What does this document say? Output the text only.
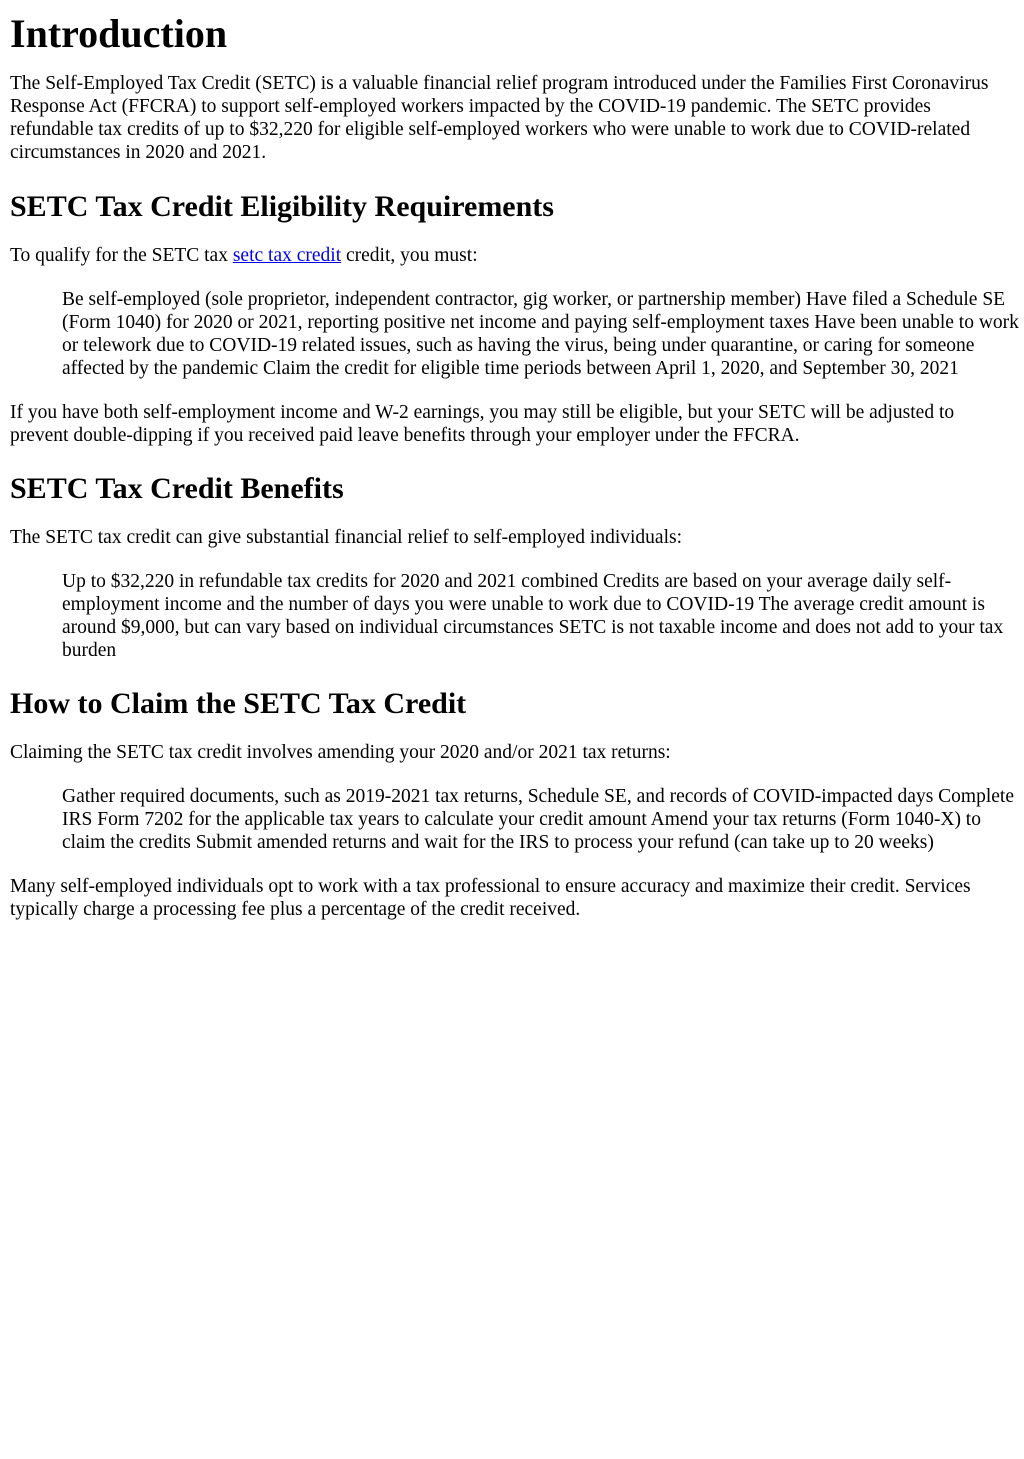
Introduction

The Self-Employed Tax Credit (SETC) is a valuable financial relief program introduced under the Families First Coronavirus Response Act (FFCRA) to support self-employed workers impacted by the COVID-19 pandemic. The SETC provides refundable tax credits of up to $32,220 for eligible self-employed workers who were unable to work due to COVID-related circumstances in 2020 and 2021.

SETC Tax Credit Eligibility Requirements

To qualify for the SETC tax setc tax credit credit, you must:

Be self-employed (sole proprietor, independent contractor, gig worker, or partnership member) Have filed a Schedule SE (Form 1040) for 2020 or 2021, reporting positive net income and paying self-employment taxes Have been unable to work or telework due to COVID-19 related issues, such as having the virus, being under quarantine, or caring for someone affected by the pandemic Claim the credit for eligible time periods between April 1, 2020, and September 30, 2021

If you have both self-employment income and W-2 earnings, you may still be eligible, but your SETC will be adjusted to prevent double-dipping if you received paid leave benefits through your employer under the FFCRA.

SETC Tax Credit Benefits

The SETC tax credit can give substantial financial relief to self-employed individuals:

Up to $32,220 in refundable tax credits for 2020 and 2021 combined Credits are based on your average daily self-employment income and the number of days you were unable to work due to COVID-19 The average credit amount is around $9,000, but can vary based on individual circumstances SETC is not taxable income and does not add to your tax burden

How to Claim the SETC Tax Credit

Claiming the SETC tax credit involves amending your 2020 and/or 2021 tax returns:

Gather required documents, such as 2019-2021 tax returns, Schedule SE, and records of COVID-impacted days Complete IRS Form 7202 for the applicable tax years to calculate your credit amount Amend your tax returns (Form 1040-X) to claim the credits Submit amended returns and wait for the IRS to process your refund (can take up to 20 weeks)

Many self-employed individuals opt to work with a tax professional to ensure accuracy and maximize their credit. Services typically charge a processing fee plus a percentage of the credit received.
